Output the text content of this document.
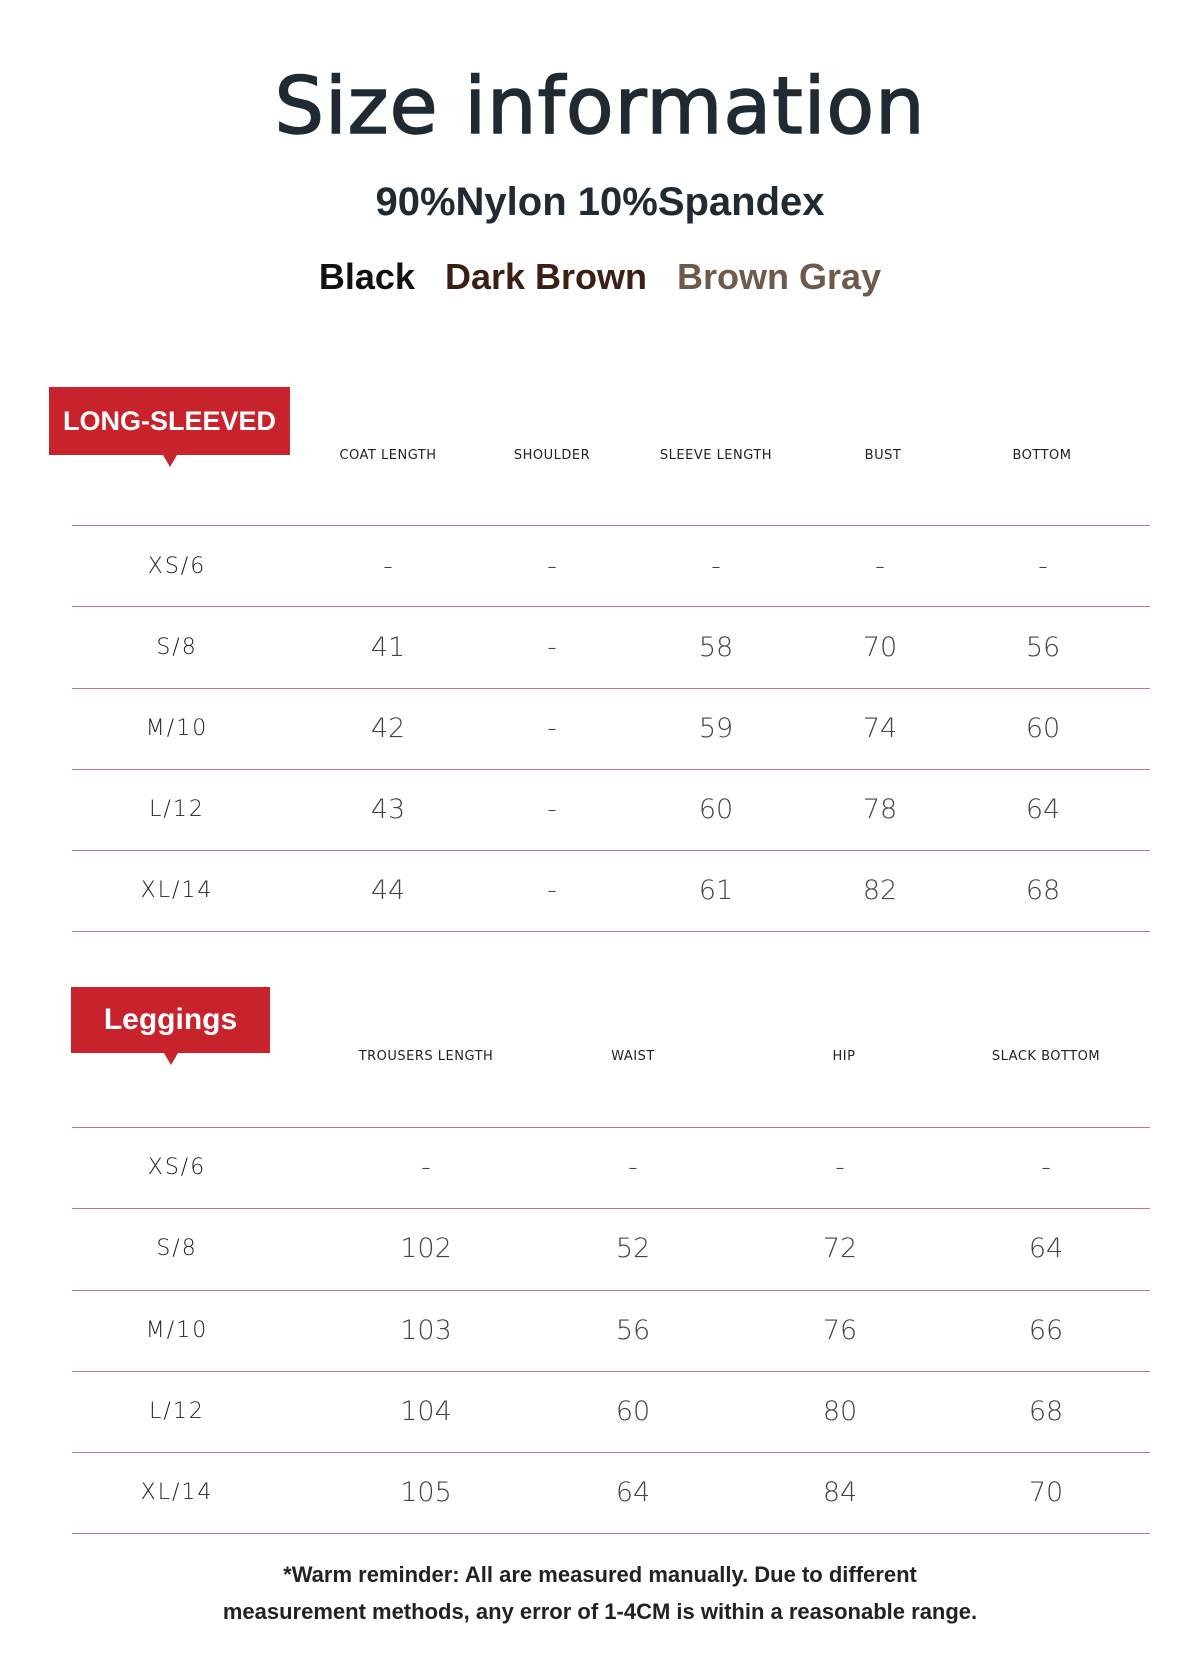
Size information
90%Nylon 10%Spandex
Black Dark Brown Brown Gray
LONG-SLEEVED
COAT LENGTH	SHOULDER	SLEEVE LENGTH	BUST	BOTTOM
XS/6	-	-	-	-	-
S/8	41	-	58	70	56
M/10	42	-	59	74	60
L/12	43	-	60	78	64
XL/14	44	-	61	82	68
Leggings
TROUSERS LENGTH	WAIST	HIP	SLACK BOTTOM
XS/6	-	-	-	-
S/8	102	52	72	64
M/10	103	56	76	66
L/12	104	60	80	68
XL/14	105	64	84	70
*Warm reminder: All are measured manually. Due to different
measurement methods, any error of 1-4CM is within a reasonable range.
